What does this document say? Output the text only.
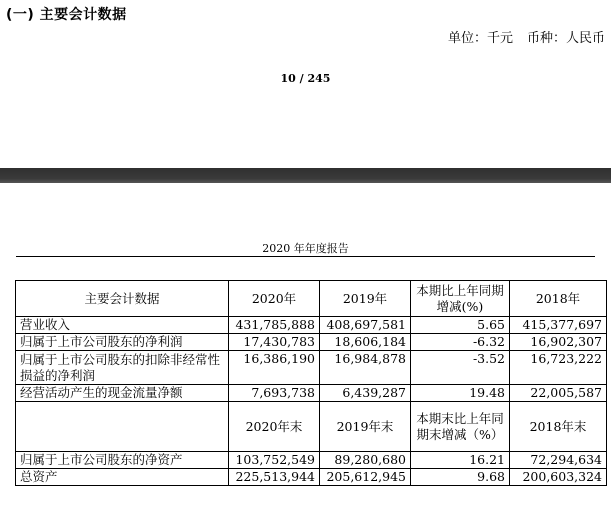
(一) 主要会计数据
单位：千元 币种：人民币
10 / 245
2020 年年度报告
主要会计数据	2020年	2019年	本期比上年同期增减(%)	2018年
营业收入	431,785,888	408,697,581	5.65	415,377,697
归属于上市公司股东的净利润	17,430,783	18,606,184	-6.32	16,902,307
归属于上市公司股东的扣除非经常性损益的净利润	16,386,190	16,984,878	-3.52	16,723,222
经营活动产生的现金流量净额	7,693,738	6,439,287	19.48	22,005,587
	2020年末	2019年末	本期末比上年同期末增减（%）	2018年末
归属于上市公司股东的净资产	103,752,549	89,280,680	16.21	72,294,634
总资产	225,513,944	205,612,945	9.68	200,603,324
